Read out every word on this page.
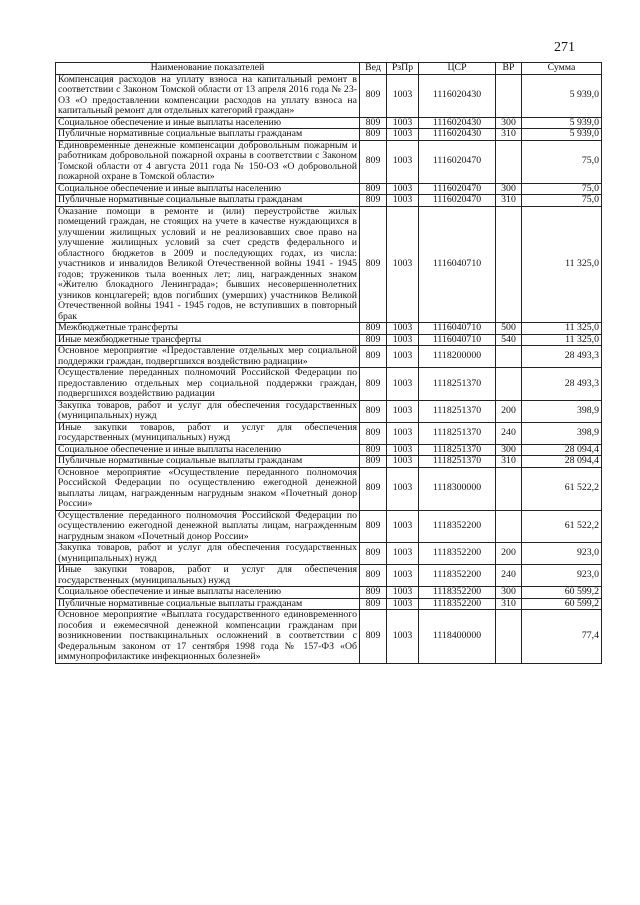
271
Наименование показателей	Вед	РзПр	ЦСР	ВР	Сумма
Компенсация расходов на уплату взноса на капитальный ремонт в соответствии с Законом Томской области от 13 апреля 2016 года № 23-ОЗ «О предоставлении компенсации расходов на уплату взноса на капитальный ремонт для отдельных категорий граждан»	809	1003	1116020430		5 939,0
Социальное обеспечение и иные выплаты населению	809	1003	1116020430	300	5 939,0
Публичные нормативные социальные выплаты гражданам	809	1003	1116020430	310	5 939,0
Единовременные денежные компенсации добровольным пожарным и работникам добровольной пожарной охраны в соответствии с Законом Томской области от 4 августа 2011 года № 150-ОЗ «О добровольной пожарной охране в Томской области»	809	1003	1116020470		75,0
Социальное обеспечение и иные выплаты населению	809	1003	1116020470	300	75,0
Публичные нормативные социальные выплаты гражданам	809	1003	1116020470	310	75,0
Оказание помощи в ремонте и (или) переустройстве жилых помещений граждан, не стоящих на учете в качестве нуждающихся в улучшении жилищных условий и не реализовавших свое право на улучшение жилищных условий за счет средств федерального и областного бюджетов в 2009 и последующих годах, из числа: участников и инвалидов Великой Отечественной войны 1941 - 1945 годов; тружеников тыла военных лет; лиц, награжденных знаком «Жителю блокадного Ленинграда»; бывших несовершеннолетних узников концлагерей; вдов погибших (умерших) участников Великой Отечественной войны 1941 - 1945 годов, не вступивших в повторный брак	809	1003	1116040710		11 325,0
Межбюджетные трансферты	809	1003	1116040710	500	11 325,0
Иные межбюджетные трансферты	809	1003	1116040710	540	11 325,0
Основное мероприятие «Предоставление отдельных мер социальной поддержки граждан, подвергшихся воздействию радиации»	809	1003	1118200000		28 493,3
Осуществление переданных полномочий Российской Федерации по предоставлению отдельных мер социальной поддержки граждан, подвергшихся воздействию радиации	809	1003	1118251370		28 493,3
Закупка товаров, работ и услуг для обеспечения государственных (муниципальных) нужд	809	1003	1118251370	200	398,9
Иные закупки товаров, работ и услуг для обеспечения государственных (муниципальных) нужд	809	1003	1118251370	240	398,9
Социальное обеспечение и иные выплаты населению	809	1003	1118251370	300	28 094,4
Публичные нормативные социальные выплаты гражданам	809	1003	1118251370	310	28 094,4
Основное мероприятие «Осуществление переданного полномочия Российской Федерации по осуществлению ежегодной денежной выплаты лицам, награжденным нагрудным знаком «Почетный донор России»	809	1003	1118300000		61 522,2
Осуществление переданного полномочия Российской Федерации по осуществлению ежегодной денежной выплаты лицам, награжденным нагрудным знаком «Почетный донор России»	809	1003	1118352200		61 522,2
Закупка товаров, работ и услуг для обеспечения государственных (муниципальных) нужд	809	1003	1118352200	200	923,0
Иные закупки товаров, работ и услуг для обеспечения государственных (муниципальных) нужд	809	1003	1118352200	240	923,0
Социальное обеспечение и иные выплаты населению	809	1003	1118352200	300	60 599,2
Публичные нормативные социальные выплаты гражданам	809	1003	1118352200	310	60 599,2
Основное мероприятие «Выплата государственного единовременного пособия и ежемесячной денежной компенсации гражданам при возникновении поствакцинальных осложнений в соответствии с Федеральным законом от 17 сентября 1998 года № 157-ФЗ «Об иммунопрофилактике инфекционных болезней»	809	1003	1118400000		77,4
